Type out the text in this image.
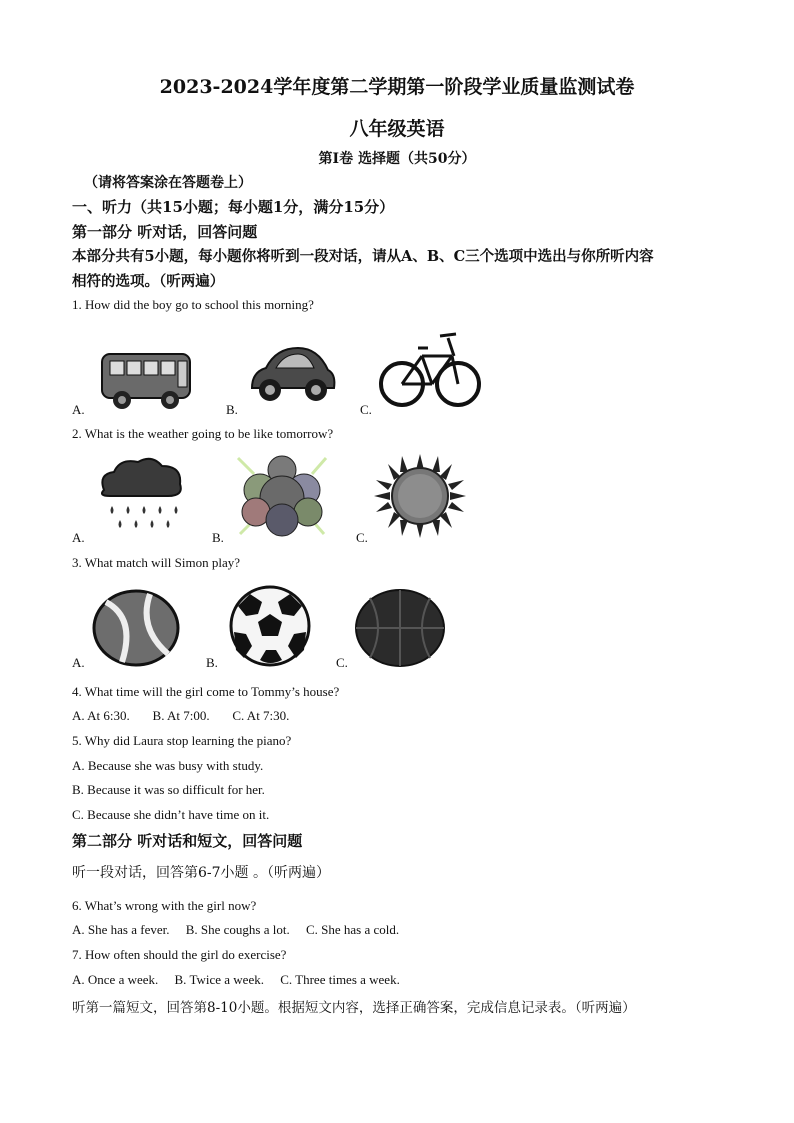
2023-2024学年度第二学期第一阶段学业质量监测试卷
八年级英语
第Ⅰ卷 选择题（共50分）
（请将答案涂在答题卷上）
一、听力（共15小题；每小题1分，满分15分）
第一部分 听对话，回答问题
本部分共有5小题，每小题你将听到一段对话，请从A、B、C三个选项中选出与你所听内容
相符的选项。（听两遍）
1. How did the boy go to school this morning?
A.	B.	C.
2. What is the weather going to be like tomorrow?
A.	B.	C.
3. What match will Simon play?
A.	B.	C.
4. What time will the girl come to Tommy’s house?
A. At 6:30.       B. At 7:00.       C. At 7:30.
5. Why did Laura stop learning the piano?
A. Because she was busy with study.
B. Because it was so difficult for her.
C. Because she didn’t have time on it.
第二部分 听对话和短文，回答问题
听一段对话，回答第6-7小题 。（听两遍）
6. What’s wrong with the girl now?
A. She has a fever.     B. She coughs a lot.     C. She has a cold.
7. How often should the girl do exercise?
A. Once a week.     B. Twice a week.     C. Three times a week.
听第一篇短文，回答第8-10小题。根据短文内容，选择正确答案，完成信息记录表。（听两遍）
